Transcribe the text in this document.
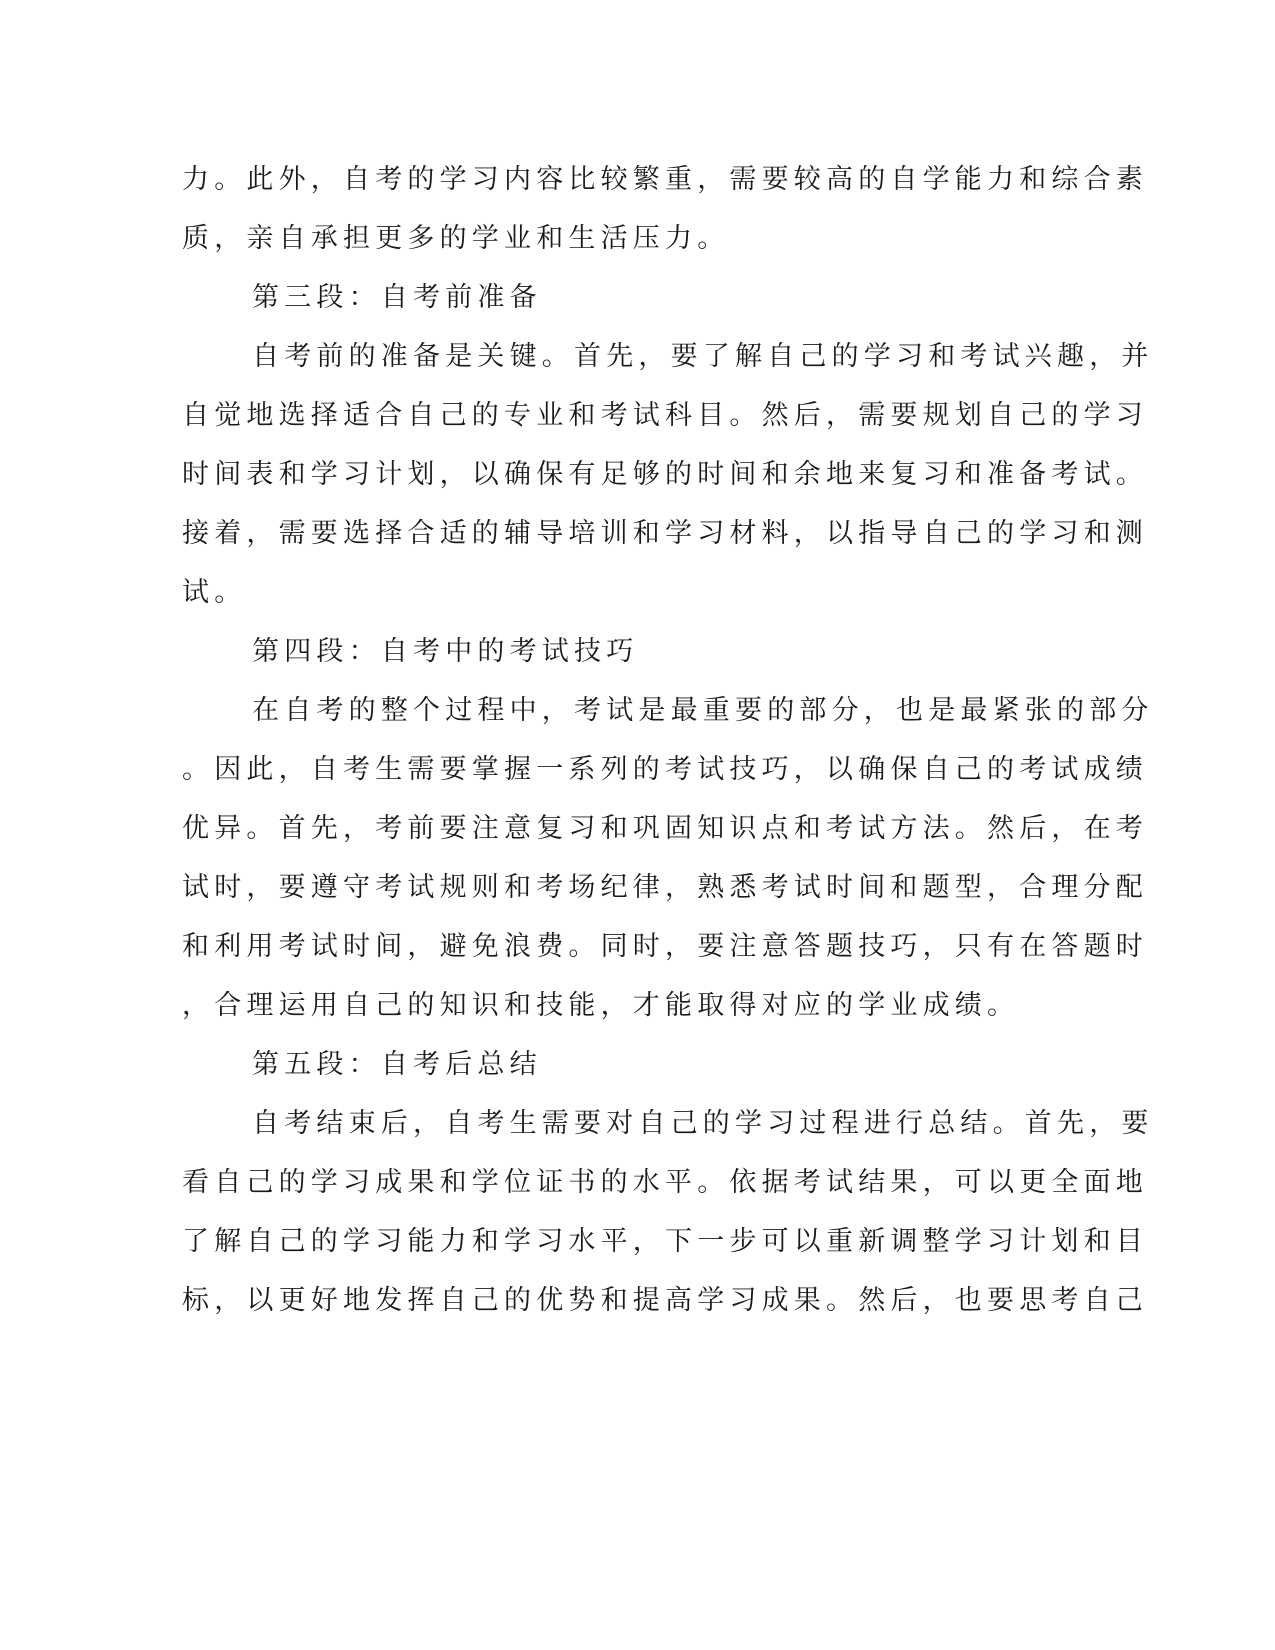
力。此外，自考的学习内容比较繁重，需要较高的自学能力和综合素
质，亲自承担更多的学业和生活压力。
第三段：自考前准备
自考前的准备是关键。首先，要了解自己的学习和考试兴趣，并
自觉地选择适合自己的专业和考试科目。然后，需要规划自己的学习
时间表和学习计划，以确保有足够的时间和余地来复习和准备考试。
接着，需要选择合适的辅导培训和学习材料，以指导自己的学习和测
试。
第四段：自考中的考试技巧
在自考的整个过程中，考试是最重要的部分，也是最紧张的部分
。因此，自考生需要掌握一系列的考试技巧，以确保自己的考试成绩
优异。首先，考前要注意复习和巩固知识点和考试方法。然后，在考
试时，要遵守考试规则和考场纪律，熟悉考试时间和题型，合理分配
和利用考试时间，避免浪费。同时，要注意答题技巧，只有在答题时
，合理运用自己的知识和技能，才能取得对应的学业成绩。
第五段：自考后总结
自考结束后，自考生需要对自己的学习过程进行总结。首先，要
看自己的学习成果和学位证书的水平。依据考试结果，可以更全面地
了解自己的学习能力和学习水平，下一步可以重新调整学习计划和目
标，以更好地发挥自己的优势和提高学习成果。然后，也要思考自己
